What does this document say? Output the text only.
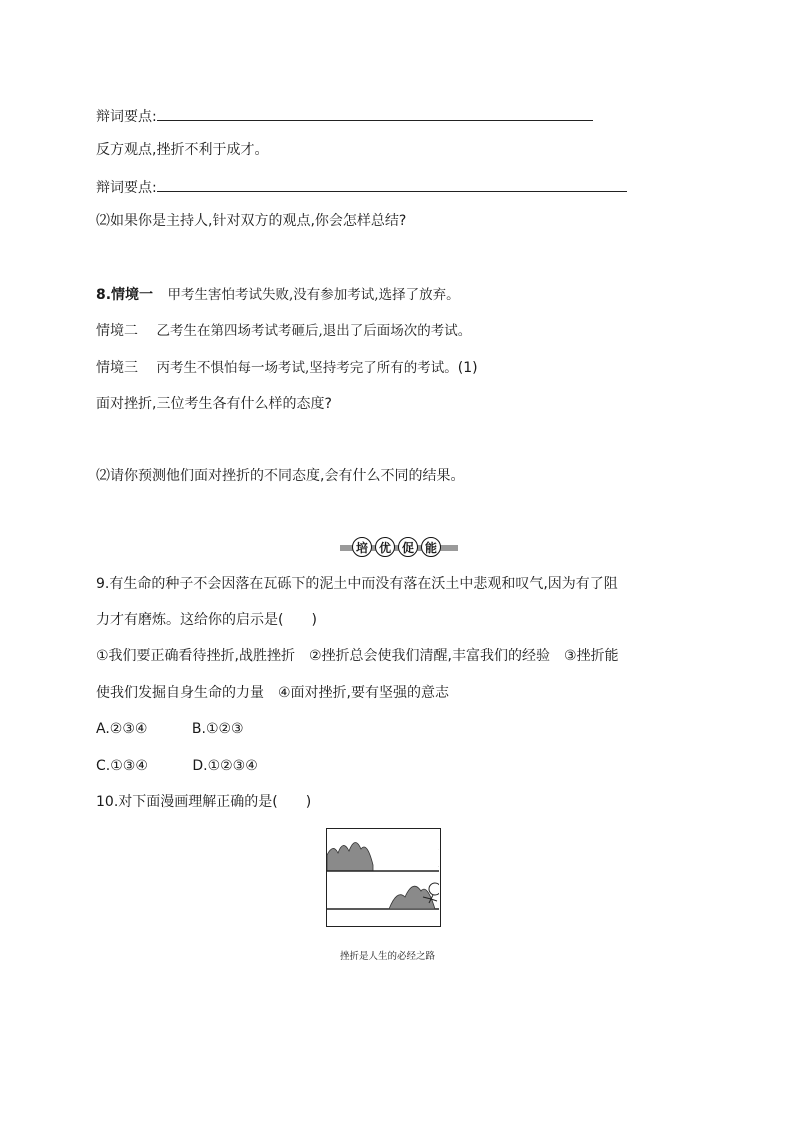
辩词要点:
反方观点,挫折不利于成才。
辩词要点:
⑵如果你是主持人,针对双方的观点,你会怎样总结?
8.情境一 甲考生害怕考试失败,没有参加考试,选择了放弃。
情境二 乙考生在第四场考试考砸后,退出了后面场次的考试。
情境三 丙考生不惧怕每一场考试,坚持考完了所有的考试。(1)
面对挫折,三位考生各有什么样的态度?
⑵请你预测他们面对挫折的不同态度,会有什么不同的结果。
培 优 促 能
9.有生命的种子不会因落在瓦砾下的泥土中而没有落在沃土中悲观和叹气,因为有了阻
力才有磨炼。这给你的启示是(　　)
①我们要正确看待挫折,战胜挫折　②挫折总会使我们清醒,丰富我们的经验　③挫折能
使我们发掘自身生命的力量　④面对挫折,要有坚强的意志
A.②③④	B.①②③
C.①③④	D.①②③④
10.对下面漫画理解正确的是(　　)
挫折是人生的必经之路
